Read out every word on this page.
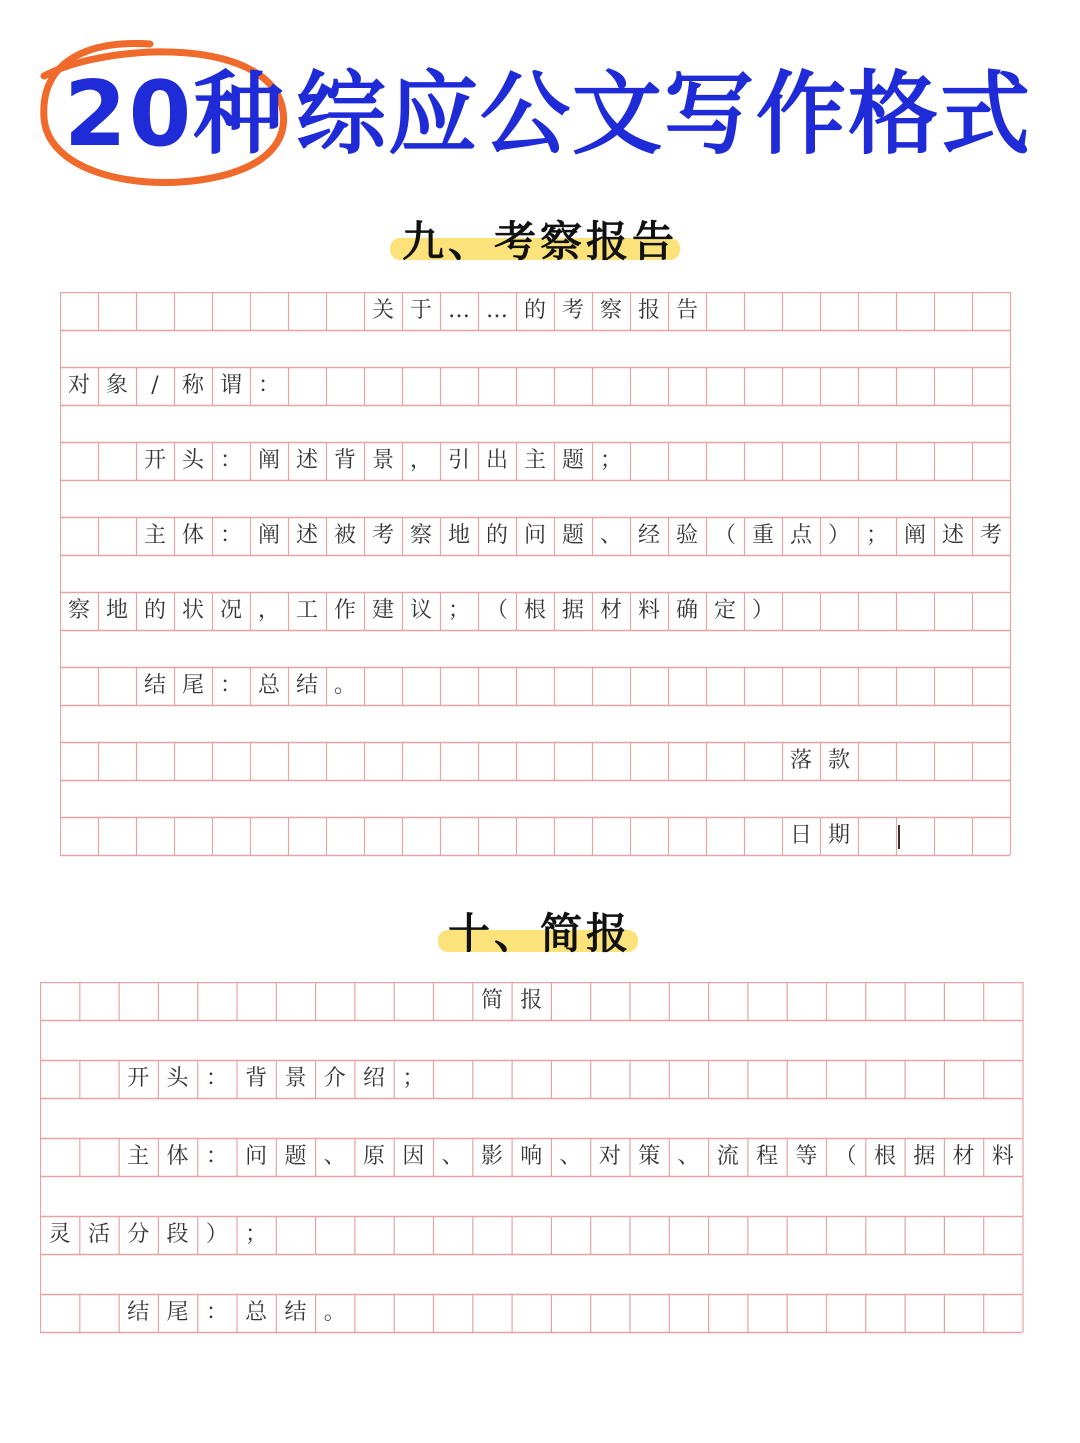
20种 综应公文写作格式
九、考察报告
关 于 … … 的 考 察 报 告
对 象	/	称 谓 ：
开 头 ： 阐 述 背 景 ， 引 出 主 题 ；
主 体 ： 阐 述 被 考 察 地 的 问 题 、 经 验 （ 重 点 ） ； 阐 述 考
察 地 的 状 况 ， 工 作 建 议 ； （ 根 据 材 料 确 定 ）
结 尾 ： 总 结 。
落 款
日 期
十、简报
简 报
开 头 ： 背 景 介 绍 ；
主 体 ： 问 题 、 原 因 、 影 响 、 对 策 、 流 程 等 （ 根 据 材 料
灵 活 分 段 ） ；
结 尾 ： 总 结 。
